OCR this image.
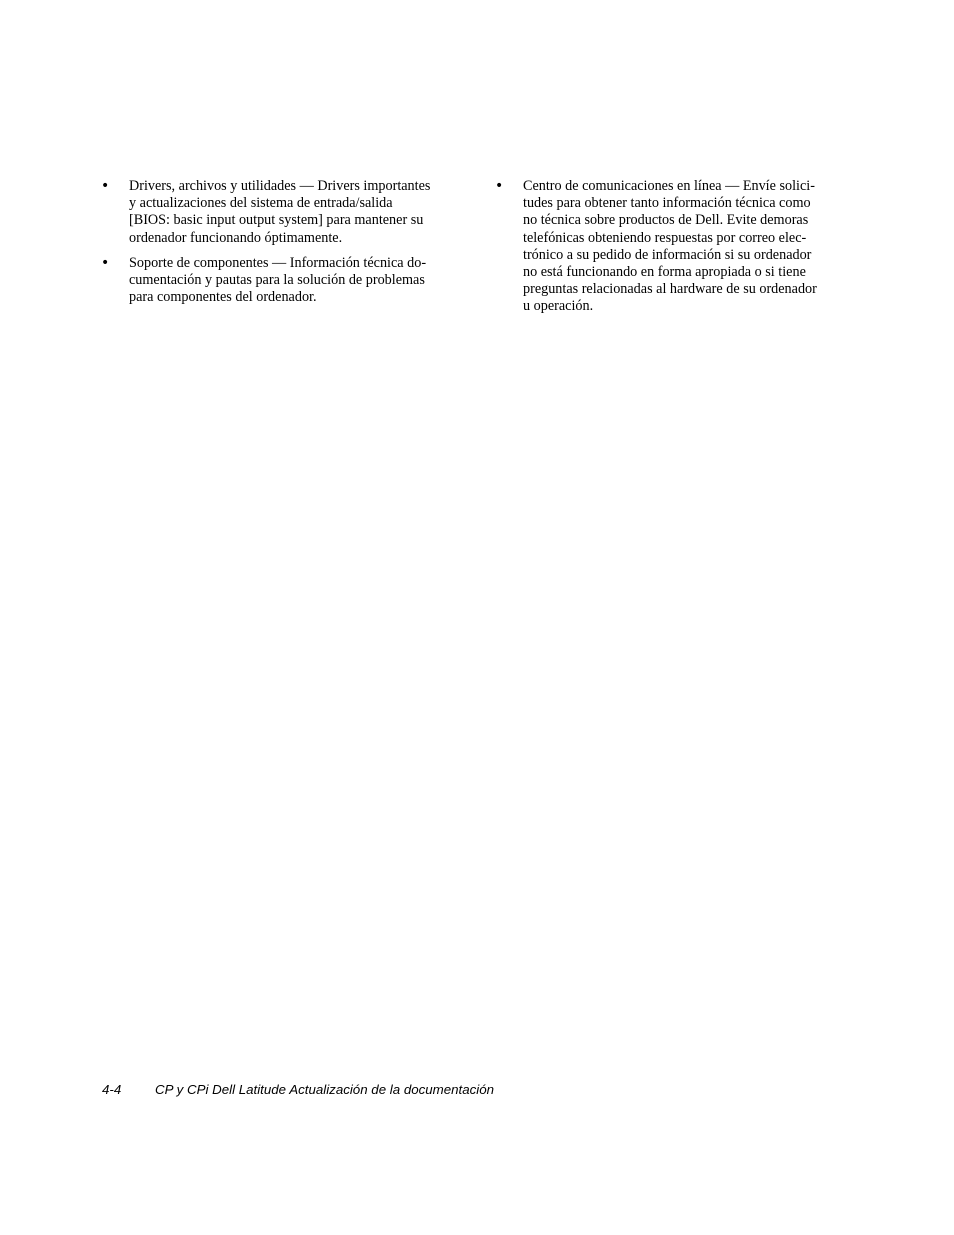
• Drivers, archivos y utilidades — Drivers importantes
y actualizaciones del sistema de entrada/salida
[BIOS: basic input output system] para mantener su
ordenador funcionando óptimamente.
• Soporte de componentes — Información técnica do-
cumentación y pautas para la solución de problemas
para componentes del ordenador.
• Centro de comunicaciones en línea — Envíe solici-
tudes para obtener tanto información técnica como
no técnica sobre productos de Dell. Evite demoras
telefónicas obteniendo respuestas por correo elec-
trónico a su pedido de información si su ordenador
no está funcionando en forma apropiada o si tiene
preguntas relacionadas al hardware de su ordenador
u operación.
4-4	CP y CPi Dell Latitude Actualización de la documentación
